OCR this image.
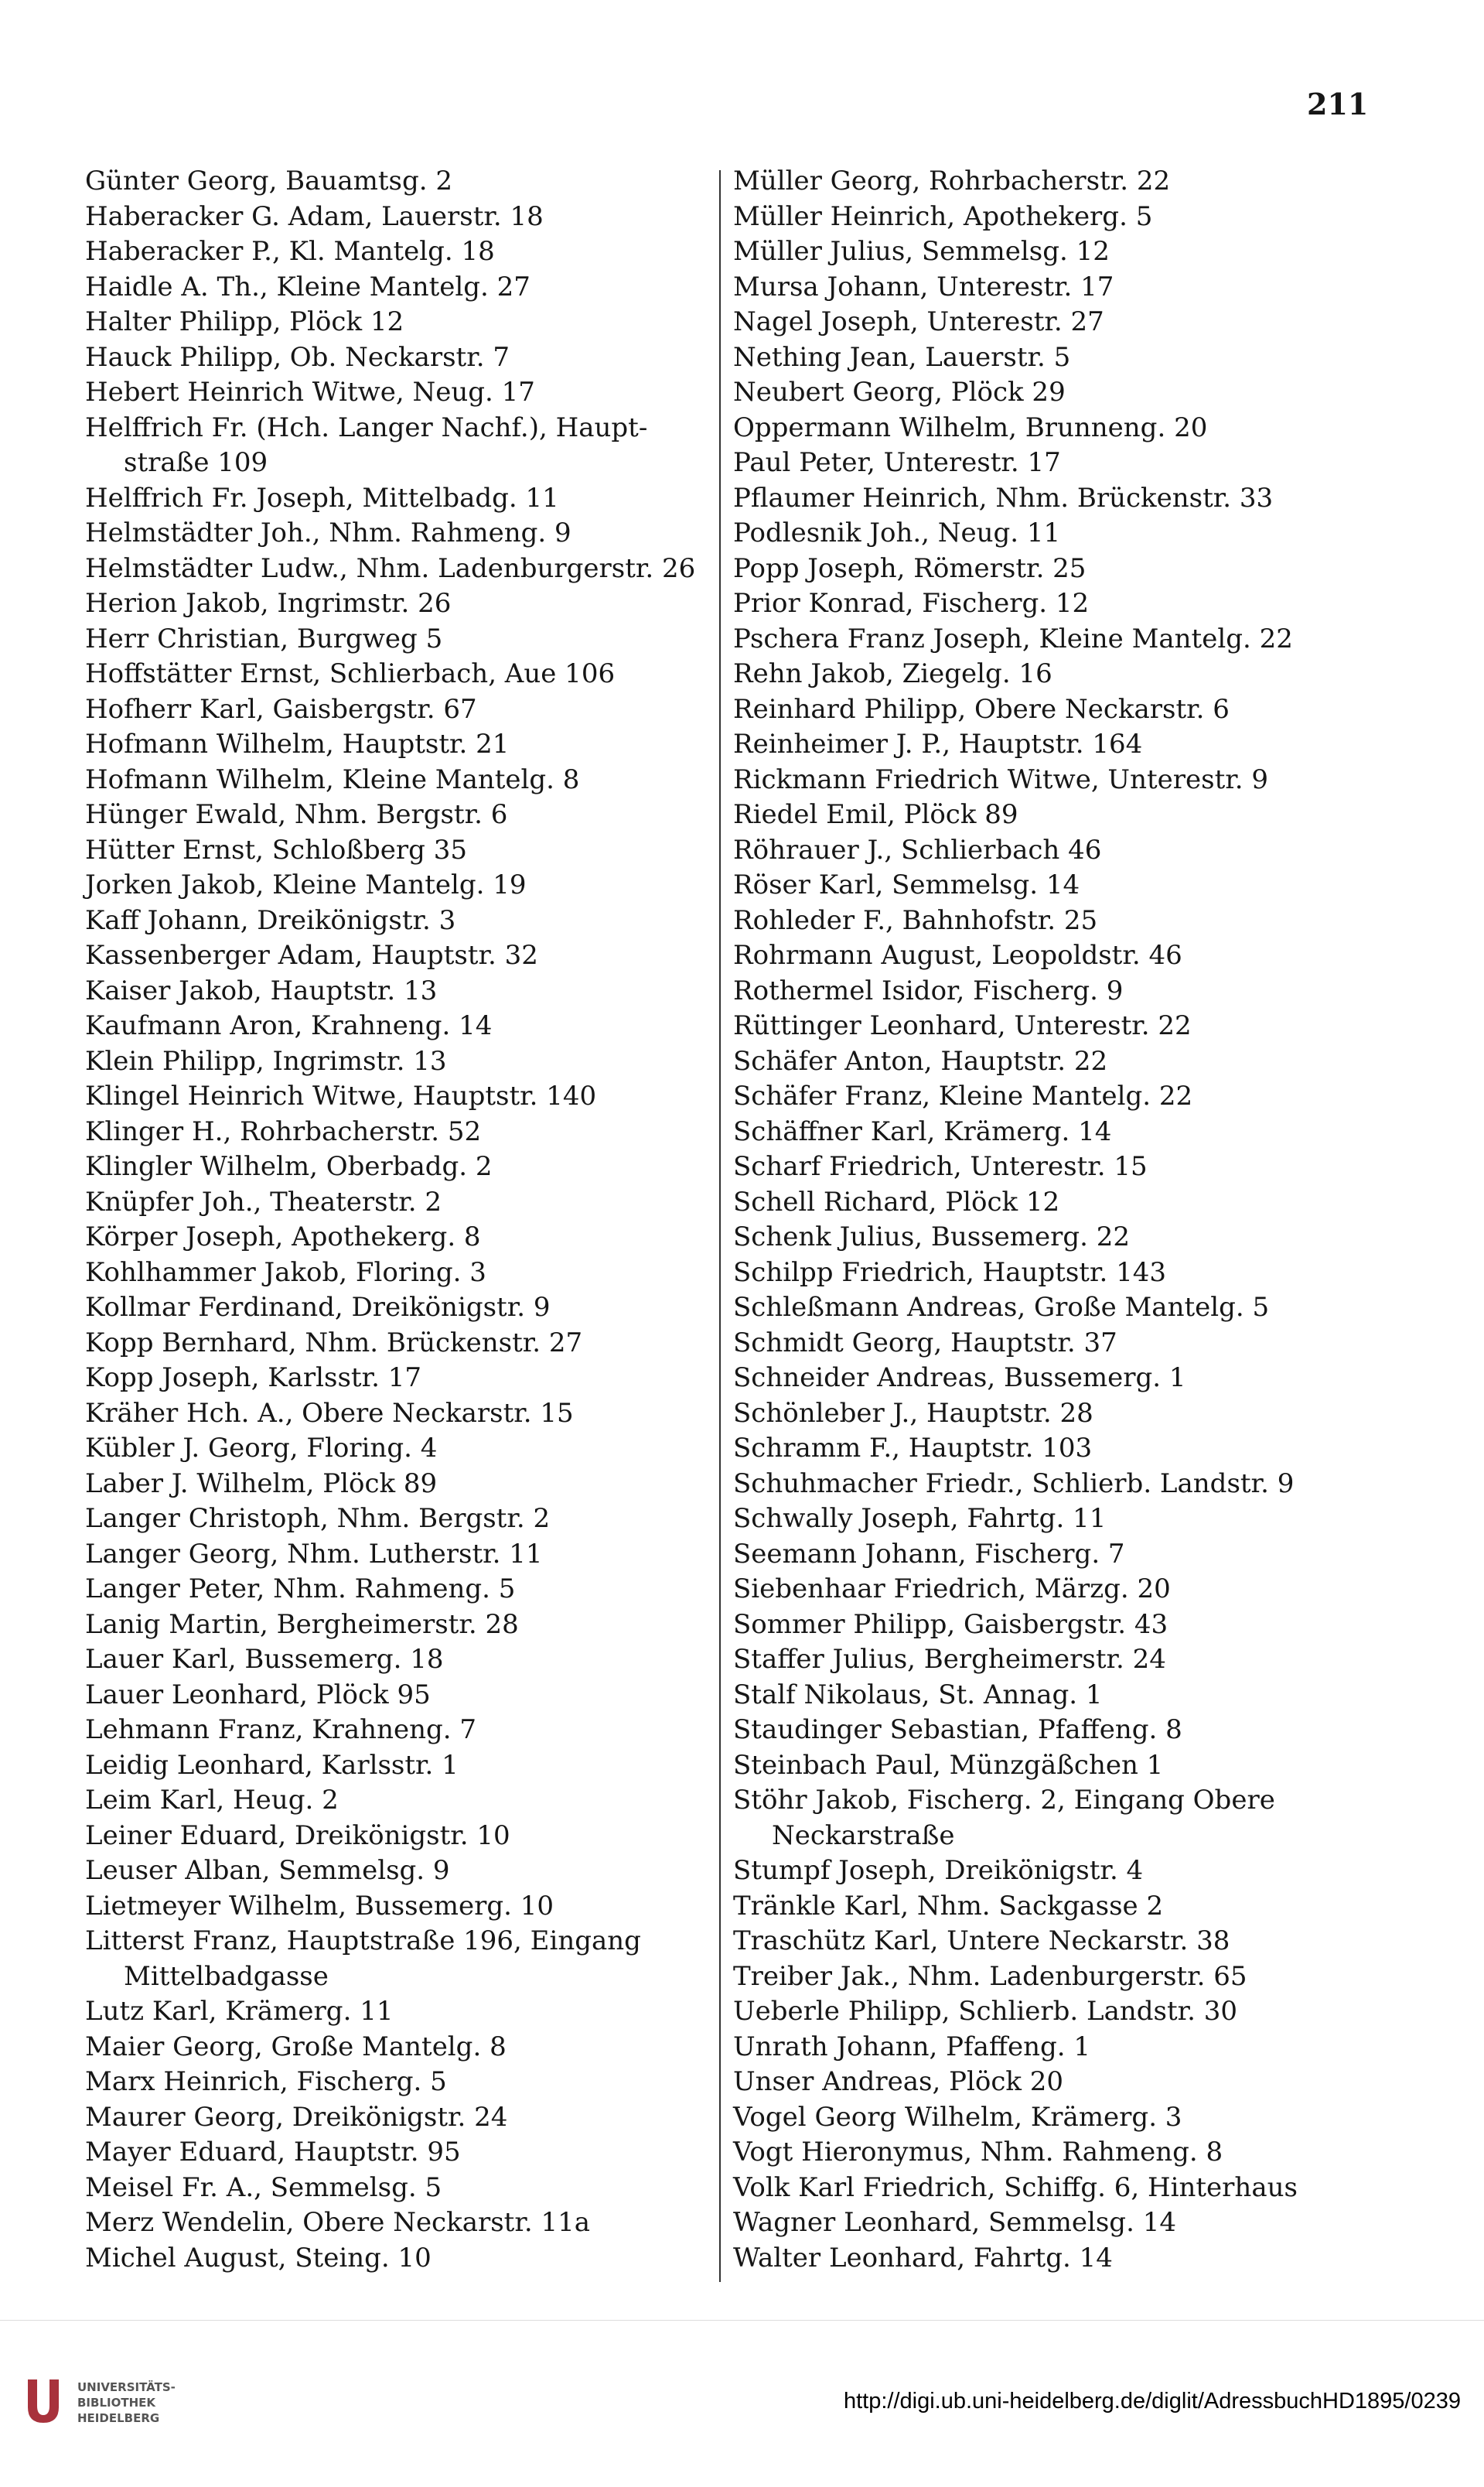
211
Günter Georg, Bauamtsg. 2
Haberacker G. Adam, Lauerstr. 18
Haberacker P., Kl. Mantelg. 18
Haidle A. Th., Kleine Mantelg. 27
Halter Philipp, Plöck 12
Hauck Philipp, Ob. Neckarstr. 7
Hebert Heinrich Witwe, Neug. 17
Helffrich Fr. (Hch. Langer Nachf.), Haupt-
straße 109
Helffrich Fr. Joseph, Mittelbadg. 11
Helmstädter Joh., Nhm. Rahmeng. 9
Helmstädter Ludw., Nhm. Ladenburgerstr. 26
Herion Jakob, Ingrimstr. 26
Herr Christian, Burgweg 5
Hoffstätter Ernst, Schlierbach, Aue 106
Hofherr Karl, Gaisbergstr. 67
Hofmann Wilhelm, Hauptstr. 21
Hofmann Wilhelm, Kleine Mantelg. 8
Hünger Ewald, Nhm. Bergstr. 6
Hütter Ernst, Schloßberg 35
Jorken Jakob, Kleine Mantelg. 19
Kaff Johann, Dreikönigstr. 3
Kassenberger Adam, Hauptstr. 32
Kaiser Jakob, Hauptstr. 13
Kaufmann Aron, Krahneng. 14
Klein Philipp, Ingrimstr. 13
Klingel Heinrich Witwe, Hauptstr. 140
Klinger H., Rohrbacherstr. 52
Klingler Wilhelm, Oberbadg. 2
Knüpfer Joh., Theaterstr. 2
Körper Joseph, Apothekerg. 8
Kohlhammer Jakob, Floring. 3
Kollmar Ferdinand, Dreikönigstr. 9
Kopp Bernhard, Nhm. Brückenstr. 27
Kopp Joseph, Karlsstr. 17
Kräher Hch. A., Obere Neckarstr. 15
Kübler J. Georg, Floring. 4
Laber J. Wilhelm, Plöck 89
Langer Christoph, Nhm. Bergstr. 2
Langer Georg, Nhm. Lutherstr. 11
Langer Peter, Nhm. Rahmeng. 5
Lanig Martin, Bergheimerstr. 28
Lauer Karl, Bussemerg. 18
Lauer Leonhard, Plöck 95
Lehmann Franz, Krahneng. 7
Leidig Leonhard, Karlsstr. 1
Leim Karl, Heug. 2
Leiner Eduard, Dreikönigstr. 10
Leuser Alban, Semmelsg. 9
Lietmeyer Wilhelm, Bussemerg. 10
Litterst Franz, Hauptstraße 196, Eingang
Mittelbadgasse
Lutz Karl, Krämerg. 11
Maier Georg, Große Mantelg. 8
Marx Heinrich, Fischerg. 5
Maurer Georg, Dreikönigstr. 24
Mayer Eduard, Hauptstr. 95
Meisel Fr. A., Semmelsg. 5
Merz Wendelin, Obere Neckarstr. 11a
Michel August, Steing. 10
Müller Georg, Rohrbacherstr. 22
Müller Heinrich, Apothekerg. 5
Müller Julius, Semmelsg. 12
Mursa Johann, Unterestr. 17
Nagel Joseph, Unterestr. 27
Nething Jean, Lauerstr. 5
Neubert Georg, Plöck 29
Oppermann Wilhelm, Brunneng. 20
Paul Peter, Unterestr. 17
Pflaumer Heinrich, Nhm. Brückenstr. 33
Podlesnik Joh., Neug. 11
Popp Joseph, Römerstr. 25
Prior Konrad, Fischerg. 12
Pschera Franz Joseph, Kleine Mantelg. 22
Rehn Jakob, Ziegelg. 16
Reinhard Philipp, Obere Neckarstr. 6
Reinheimer J. P., Hauptstr. 164
Rickmann Friedrich Witwe, Unterestr. 9
Riedel Emil, Plöck 89
Röhrauer J., Schlierbach 46
Röser Karl, Semmelsg. 14
Rohleder F., Bahnhofstr. 25
Rohrmann August, Leopoldstr. 46
Rothermel Isidor, Fischerg. 9
Rüttinger Leonhard, Unterestr. 22
Schäfer Anton, Hauptstr. 22
Schäfer Franz, Kleine Mantelg. 22
Schäffner Karl, Krämerg. 14
Scharf Friedrich, Unterestr. 15
Schell Richard, Plöck 12
Schenk Julius, Bussemerg. 22
Schilpp Friedrich, Hauptstr. 143
Schleßmann Andreas, Große Mantelg. 5
Schmidt Georg, Hauptstr. 37
Schneider Andreas, Bussemerg. 1
Schönleber J., Hauptstr. 28
Schramm F., Hauptstr. 103
Schuhmacher Friedr., Schlierb. Landstr. 9
Schwally Joseph, Fahrtg. 11
Seemann Johann, Fischerg. 7
Siebenhaar Friedrich, Märzg. 20
Sommer Philipp, Gaisbergstr. 43
Staffer Julius, Bergheimerstr. 24
Stalf Nikolaus, St. Annag. 1
Staudinger Sebastian, Pfaffeng. 8
Steinbach Paul, Münzgäßchen 1
Stöhr Jakob, Fischerg. 2, Eingang Obere
Neckarstraße
Stumpf Joseph, Dreikönigstr. 4
Tränkle Karl, Nhm. Sackgasse 2
Traschütz Karl, Untere Neckarstr. 38
Treiber Jak., Nhm. Ladenburgerstr. 65
Ueberle Philipp, Schlierb. Landstr. 30
Unrath Johann, Pfaffeng. 1
Unser Andreas, Plöck 20
Vogel Georg Wilhelm, Krämerg. 3
Vogt Hieronymus, Nhm. Rahmeng. 8
Volk Karl Friedrich, Schiffg. 6, Hinterhaus
Wagner Leonhard, Semmelsg. 14
Walter Leonhard, Fahrtg. 14
UNIVERSITÄTS-
BIBLIOTHEK
HEIDELBERG
http://digi.ub.uni-heidelberg.de/diglit/AdressbuchHD1895/0239
